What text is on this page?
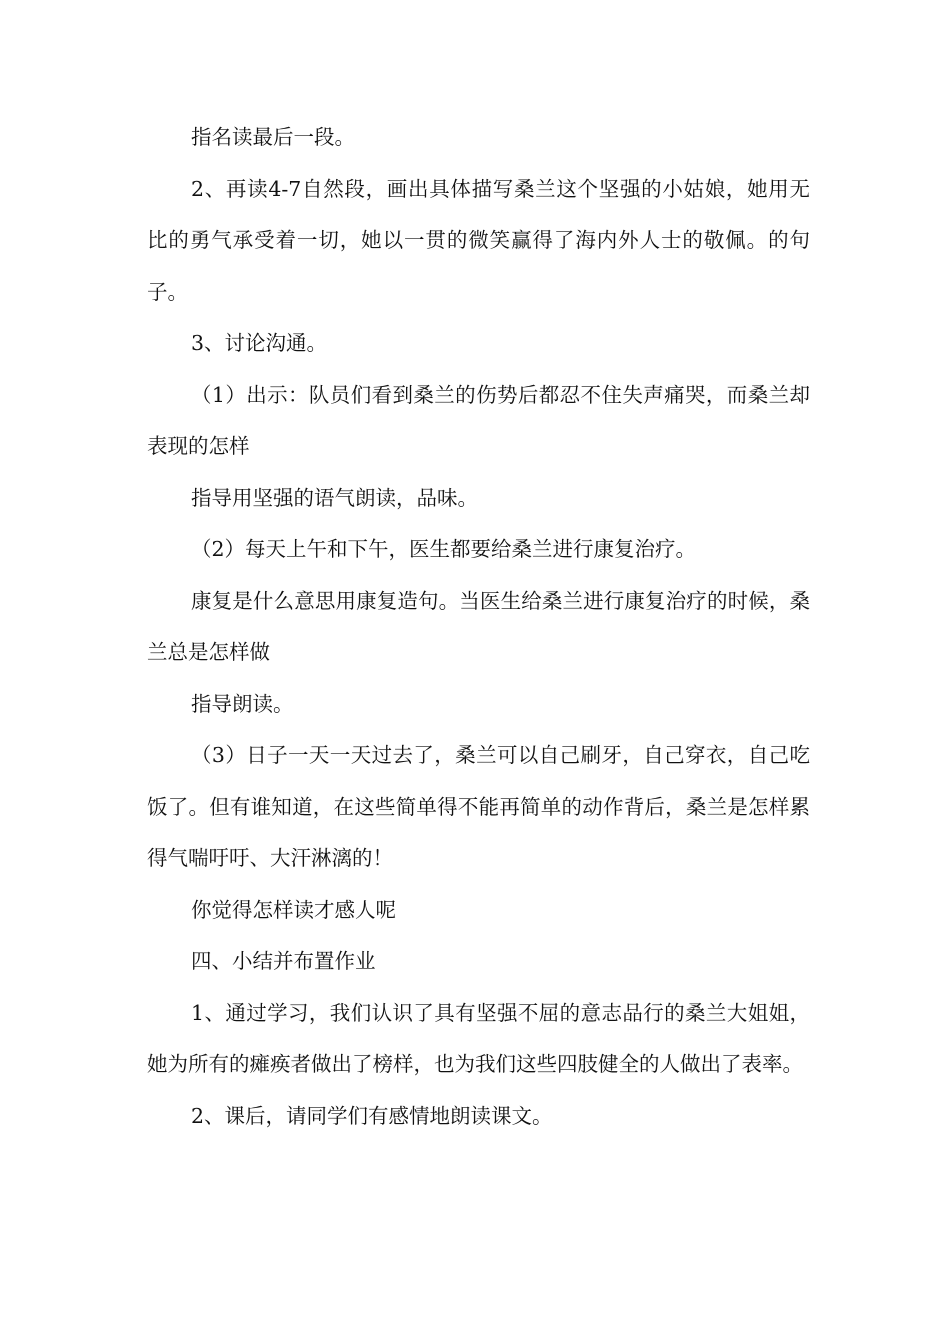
指名读最后一段。

2、再读4-7自然段，画出具体描写桑兰这个坚强的小姑娘，她用无比的勇气承受着一切，她以一贯的微笑赢得了海内外人士的敬佩。的句子。

3、讨论沟通。

（1）出示：队员们看到桑兰的伤势后都忍不住失声痛哭，而桑兰却表现的怎样

指导用坚强的语气朗读，品味。

（2）每天上午和下午，医生都要给桑兰进行康复治疗。

康复是什么意思用康复造句。当医生给桑兰进行康复治疗的时候，桑兰总是怎样做

指导朗读。

（3）日子一天一天过去了，桑兰可以自己刷牙，自己穿衣，自己吃饭了。但有谁知道，在这些简单得不能再简单的动作背后，桑兰是怎样累得气喘吁吁、大汗淋漓的！

你觉得怎样读才感人呢

四、小结并布置作业

1、通过学习，我们认识了具有坚强不屈的意志品行的桑兰大姐姐，她为所有的瘫痪者做出了榜样，也为我们这些四肢健全的人做出了表率。

2、课后，请同学们有感情地朗读课文。
